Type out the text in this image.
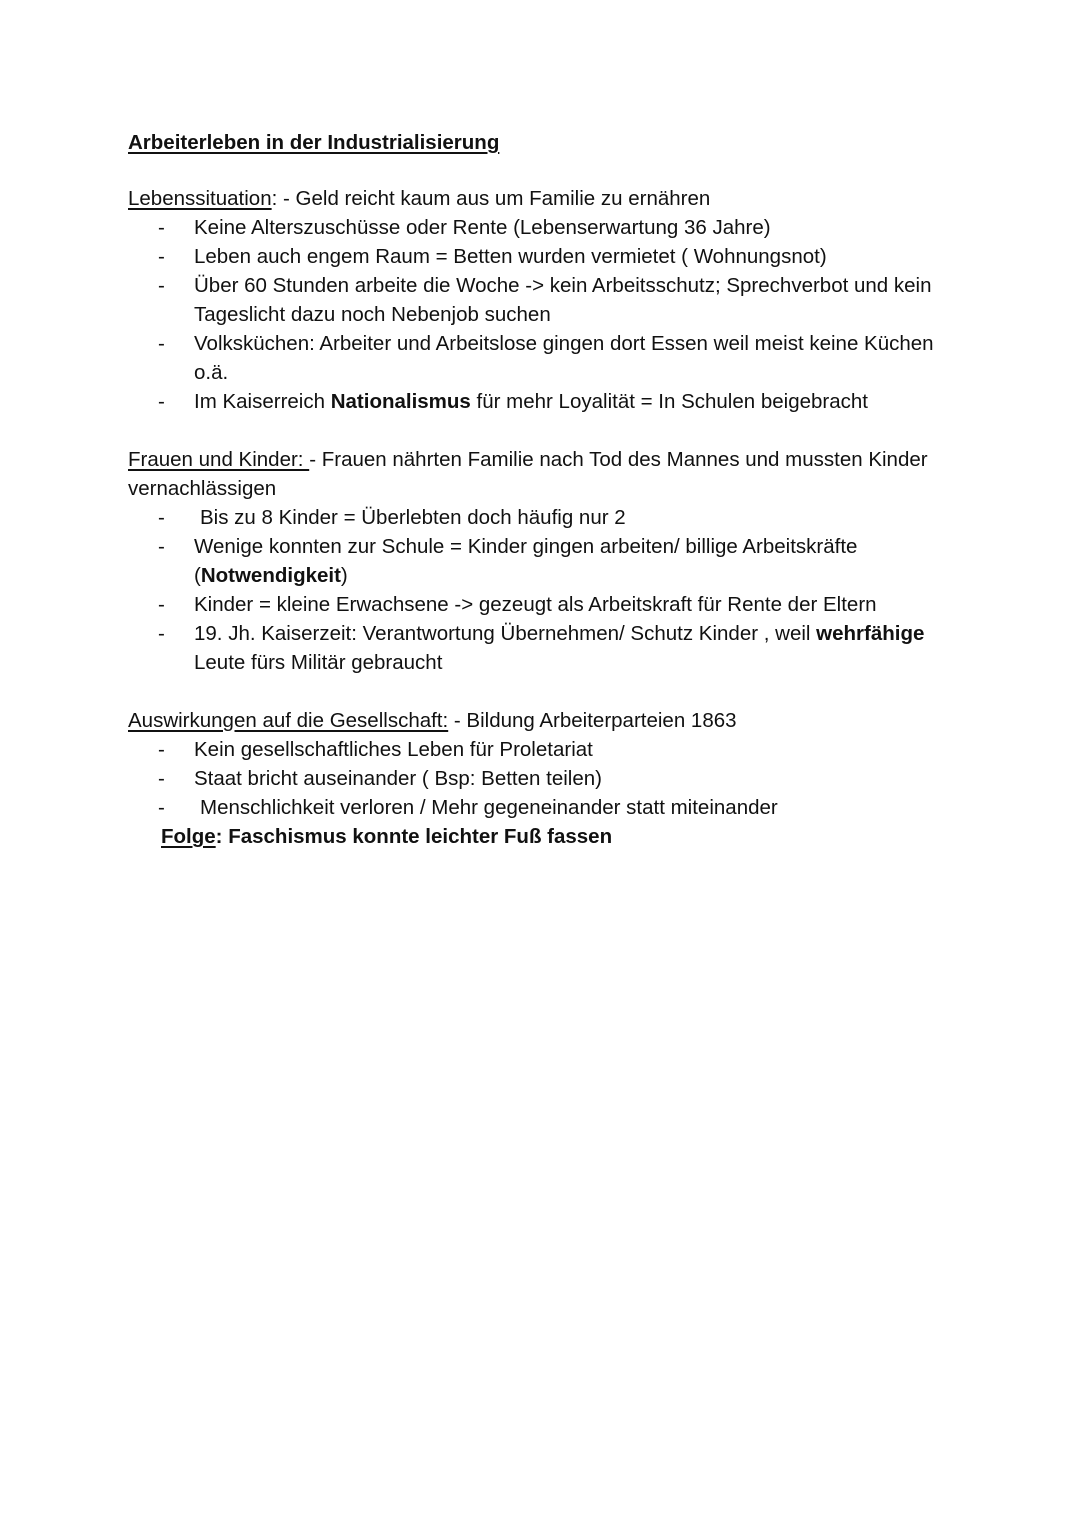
Arbeiterleben in der Industrialisierung

Lebenssituation: - Geld reicht kaum aus um Familie zu ernähren

- Keine Alterszuschüsse oder Rente (Lebenserwartung 36 Jahre)
- Leben auch engem Raum = Betten wurden vermietet ( Wohnungsnot)
- Über 60 Stunden arbeite die Woche -> kein Arbeitsschutz; Sprechverbot und kein Tageslicht dazu noch Nebenjob suchen
- Volksküchen: Arbeiter und Arbeitslose gingen dort Essen weil meist keine Küchen o.ä.
- Im Kaiserreich Nationalismus für mehr Loyalität = In Schulen beigebracht

Frauen und Kinder: - Frauen nährten Familie nach Tod des Mannes und mussten Kinder vernachlässigen

- Bis zu 8 Kinder = Überlebten doch häufig nur 2
- Wenige konnten zur Schule = Kinder gingen arbeiten/ billige Arbeitskräfte (Notwendigkeit)
- Kinder = kleine Erwachsene -> gezeugt als Arbeitskraft für Rente der Eltern
- 19. Jh. Kaiserzeit: Verantwortung Übernehmen/ Schutz Kinder , weil wehrfähige Leute fürs Militär gebraucht

Auswirkungen auf die Gesellschaft: - Bildung Arbeiterparteien 1863

- Kein gesellschaftliches Leben für Proletariat
- Staat bricht auseinander ( Bsp: Betten teilen)
- Menschlichkeit verloren / Mehr gegeneinander statt miteinander

Folge: Faschismus konnte leichter Fuß fassen
